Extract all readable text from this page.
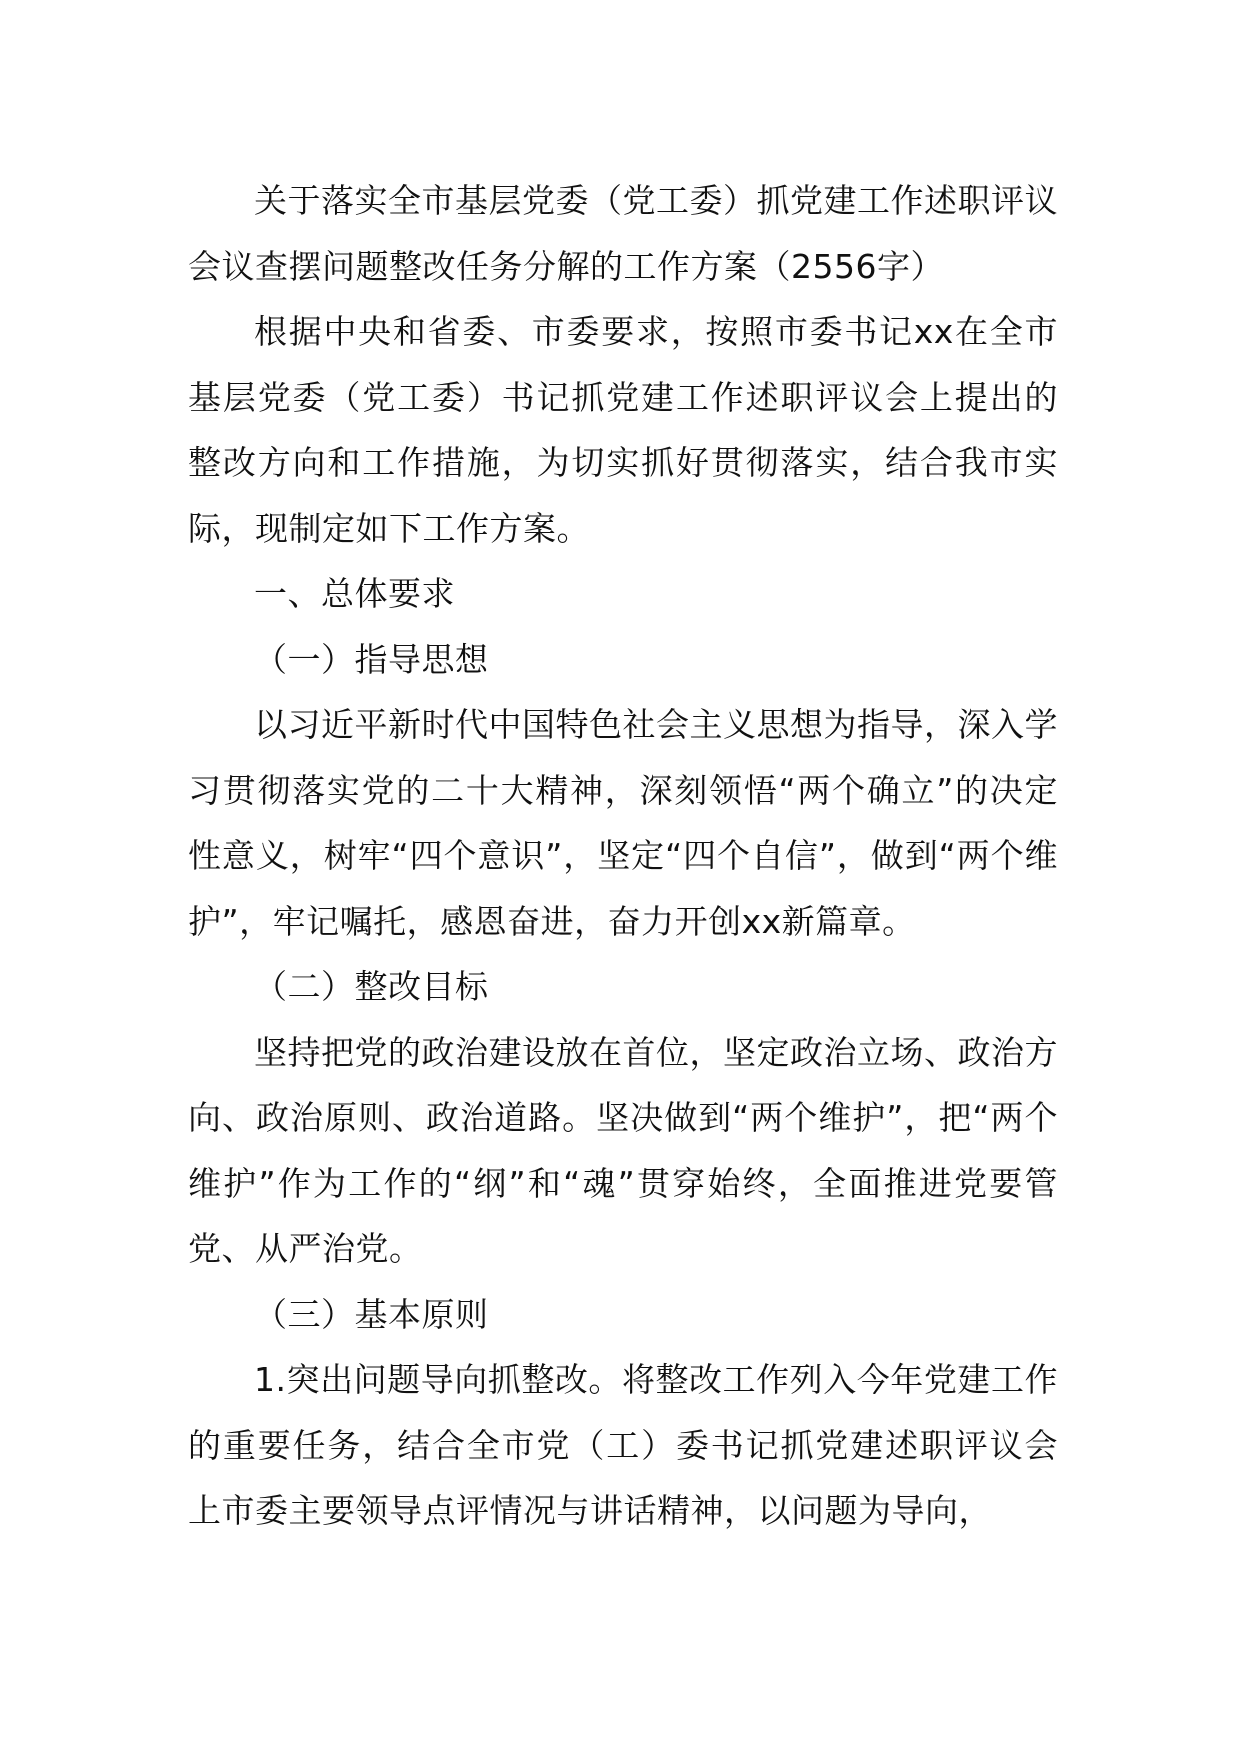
关于落实全市基层党委（党工委）抓党建工作述职评议会议查摆问题整改任务分解的工作方案（2556字）

根据中央和省委、市委要求，按照市委书记xx在全市基层党委（党工委）书记抓党建工作述职评议会上提出的整改方向和工作措施，为切实抓好贯彻落实，结合我市实际，现制定如下工作方案。

一、总体要求

（一）指导思想

以习近平新时代中国特色社会主义思想为指导，深入学习贯彻落实党的二十大精神，深刻领悟“两个确立”的决定性意义，树牢“四个意识”，坚定“四个自信”，做到“两个维护”，牢记嘱托，感恩奋进，奋力开创xx新篇章。

（二）整改目标

坚持把党的政治建设放在首位，坚定政治立场、政治方向、政治原则、政治道路。坚决做到“两个维护”，把“两个维护”作为工作的“纲”和“魂”贯穿始终，全面推进党要管党、从严治党。

（三）基本原则

1.突出问题导向抓整改。将整改工作列入今年党建工作的重要任务，结合全市党（工）委书记抓党建述职评议会上市委主要领导点评情况与讲话精神，以问题为导向，
